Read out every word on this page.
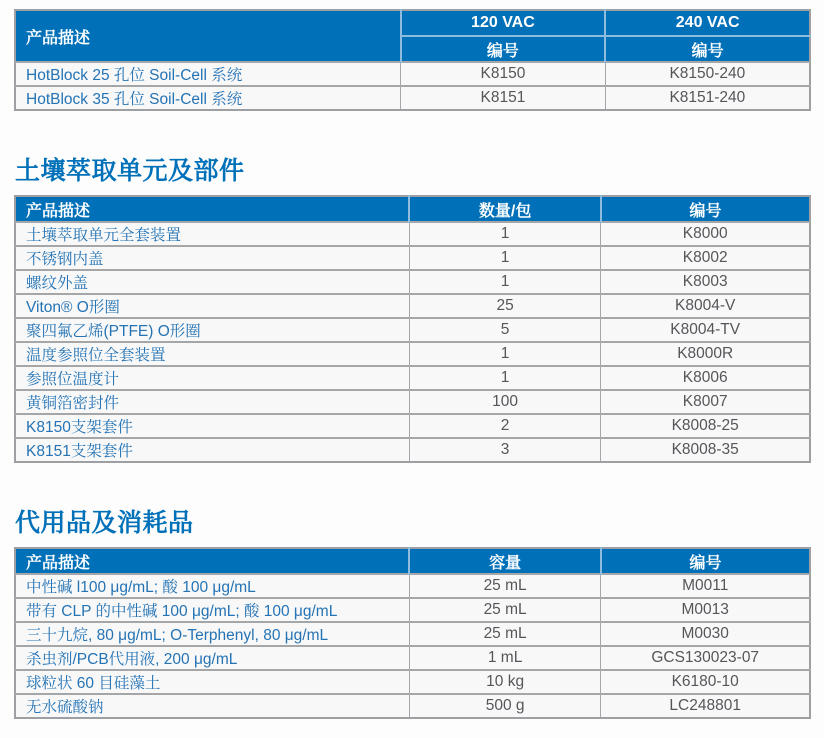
产品描述	120 VAC	240 VAC
	编号	编号
HotBlock 25 孔位 Soil-Cell 系统	K8150	K8150-240
HotBlock 35 孔位 Soil-Cell 系统	K8151	K8151-240
土壤萃取单元及部件
产品描述	数量/包	编号
土壤萃取单元全套装置	1	K8000
不锈钢内盖	1	K8002
螺纹外盖	1	K8003
Viton® O形圈	25	K8004-V
聚四氟乙烯(PTFE) O形圈	5	K8004-TV
温度参照位全套装置	1	K8000R
参照位温度计	1	K8006
黄铜箔密封件	100	K8007
K8150支架套件	2	K8008-25
K8151支架套件	3	K8008-35
代用品及消耗品
产品描述	容量	编号
中性碱 l100 μg/mL; 酸 100 μg/mL	25 mL	M0011
带有 CLP 的中性碱 100 μg/mL; 酸 100 μg/mL	25 mL	M0013
三十九烷, 80 μg/mL; O-Terphenyl, 80 μg/mL	25 mL	M0030
杀虫剂/PCB代用液, 200 μg/mL	1 mL	GCS130023-07
球粒状 60 目硅藻土	10 kg	K6180-10
无水硫酸钠	500 g	LC248801
